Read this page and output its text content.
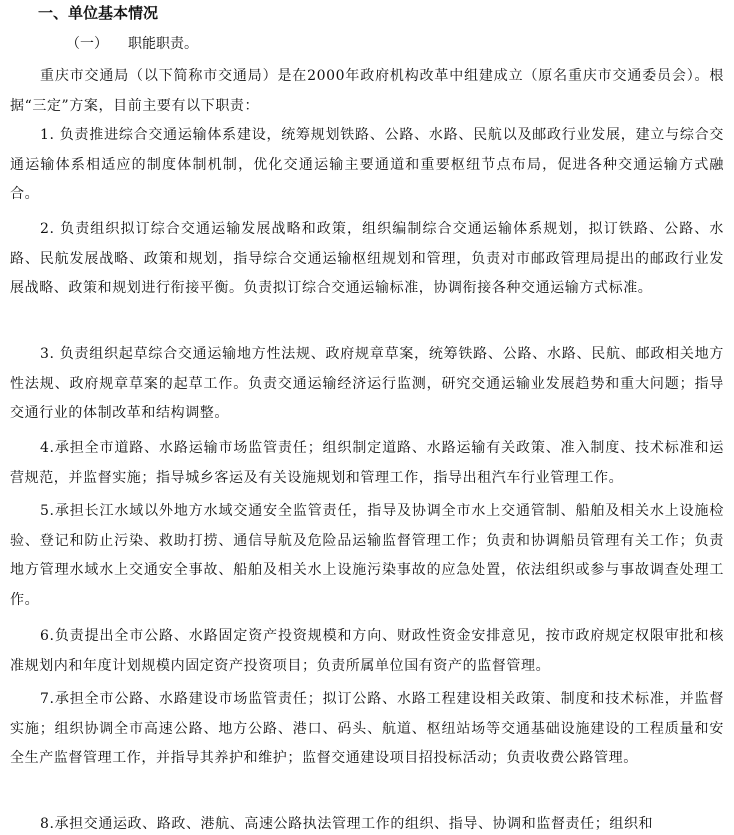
一、单位基本情况

（一） 职能职责。

重庆市交通局（以下简称市交通局）是在2000年政府机构改革中组建成立（原名重庆市交通委员会）。根据“三定”方案，目前主要有以下职责：

1. 负责推进综合交通运输体系建设，统筹规划铁路、公路、水路、民航以及邮政行业发展，建立与综合交通运输体系相适应的制度体制机制，优化交通运输主要通道和重要枢纽节点布局，促进各种交通运输方式融合。

2. 负责组织拟订综合交通运输发展战略和政策，组织编制综合交通运输体系规划，拟订铁路、公路、水路、民航发展战略、政策和规划，指导综合交通运输枢纽规划和管理，负责对市邮政管理局提出的邮政行业发展战略、政策和规划进行衔接平衡。负责拟订综合交通运输标准，协调衔接各种交通运输方式标准。

3. 负责组织起草综合交通运输地方性法规、政府规章草案，统筹铁路、公路、水路、民航、邮政相关地方性法规、政府规章草案的起草工作。负责交通运输经济运行监测，研究交通运输业发展趋势和重大问题；指导交通行业的体制改革和结构调整。

4.承担全市道路、水路运输市场监管责任；组织制定道路、水路运输有关政策、准入制度、技术标准和运营规范，并监督实施；指导城乡客运及有关设施规划和管理工作，指导出租汽车行业管理工作。

5.承担长江水域以外地方水域交通安全监管责任，指导及协调全市水上交通管制、船舶及相关水上设施检验、登记和防止污染、救助打捞、通信导航及危险品运输监督管理工作；负责和协调船员管理有关工作；负责地方管理水域水上交通安全事故、船舶及相关水上设施污染事故的应急处置，依法组织或参与事故调查处理工作。

6.负责提出全市公路、水路固定资产投资规模和方向、财政性资金安排意见，按市政府规定权限审批和核准规划内和年度计划规模内固定资产投资项目；负责所属单位国有资产的监督管理。

7.承担全市公路、水路建设市场监管责任；拟订公路、水路工程建设相关政策、制度和技术标准，并监督实施；组织协调全市高速公路、地方公路、港口、码头、航道、枢纽站场等交通基础设施建设的工程质量和安全生产监督管理工作，并指导其养护和维护；监督交通建设项目招投标活动；负责收费公路管理。

8.承担交通运政、路政、港航、高速公路执法管理工作的组织、指导、协调和监督责任；组织和
